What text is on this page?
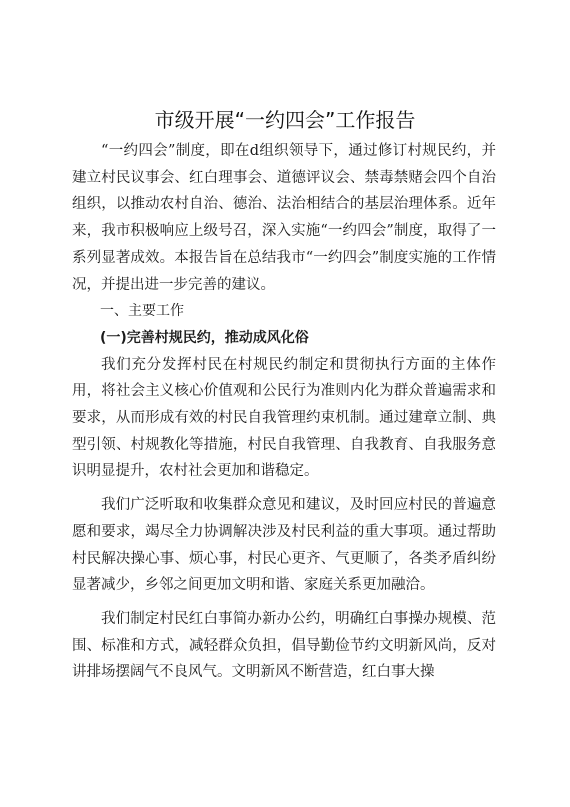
市级开展“一约四会”工作报告

“一约四会”制度，即在d组织领导下，通过修订村规民约，并建立村民议事会、红白理事会、道德评议会、禁毒禁赌会四个自治组织，以推动农村自治、德治、法治相结合的基层治理体系。近年来，我市积极响应上级号召，深入实施“一约四会”制度，取得了一系列显著成效。本报告旨在总结我市“一约四会”制度实施的工作情况，并提出进一步完善的建议。

一、主要工作

(一)完善村规民约，推动成风化俗

我们充分发挥村民在村规民约制定和贯彻执行方面的主体作用，将社会主义核心价值观和公民行为准则内化为群众普遍需求和要求，从而形成有效的村民自我管理约束机制。通过建章立制、典型引领、村规教化等措施，村民自我管理、自我教育、自我服务意识明显提升，农村社会更加和谐稳定。

我们广泛听取和收集群众意见和建议，及时回应村民的普遍意愿和要求，竭尽全力协调解决涉及村民利益的重大事项。通过帮助村民解决操心事、烦心事，村民心更齐、气更顺了，各类矛盾纠纷显著减少，乡邻之间更加文明和谐、家庭关系更加融洽。

我们制定村民红白事简办新办公约，明确红白事操办规模、范围、标准和方式，减轻群众负担，倡导勤俭节约文明新风尚，反对讲排场摆阔气不良风气。文明新风不断营造，红白事大操
